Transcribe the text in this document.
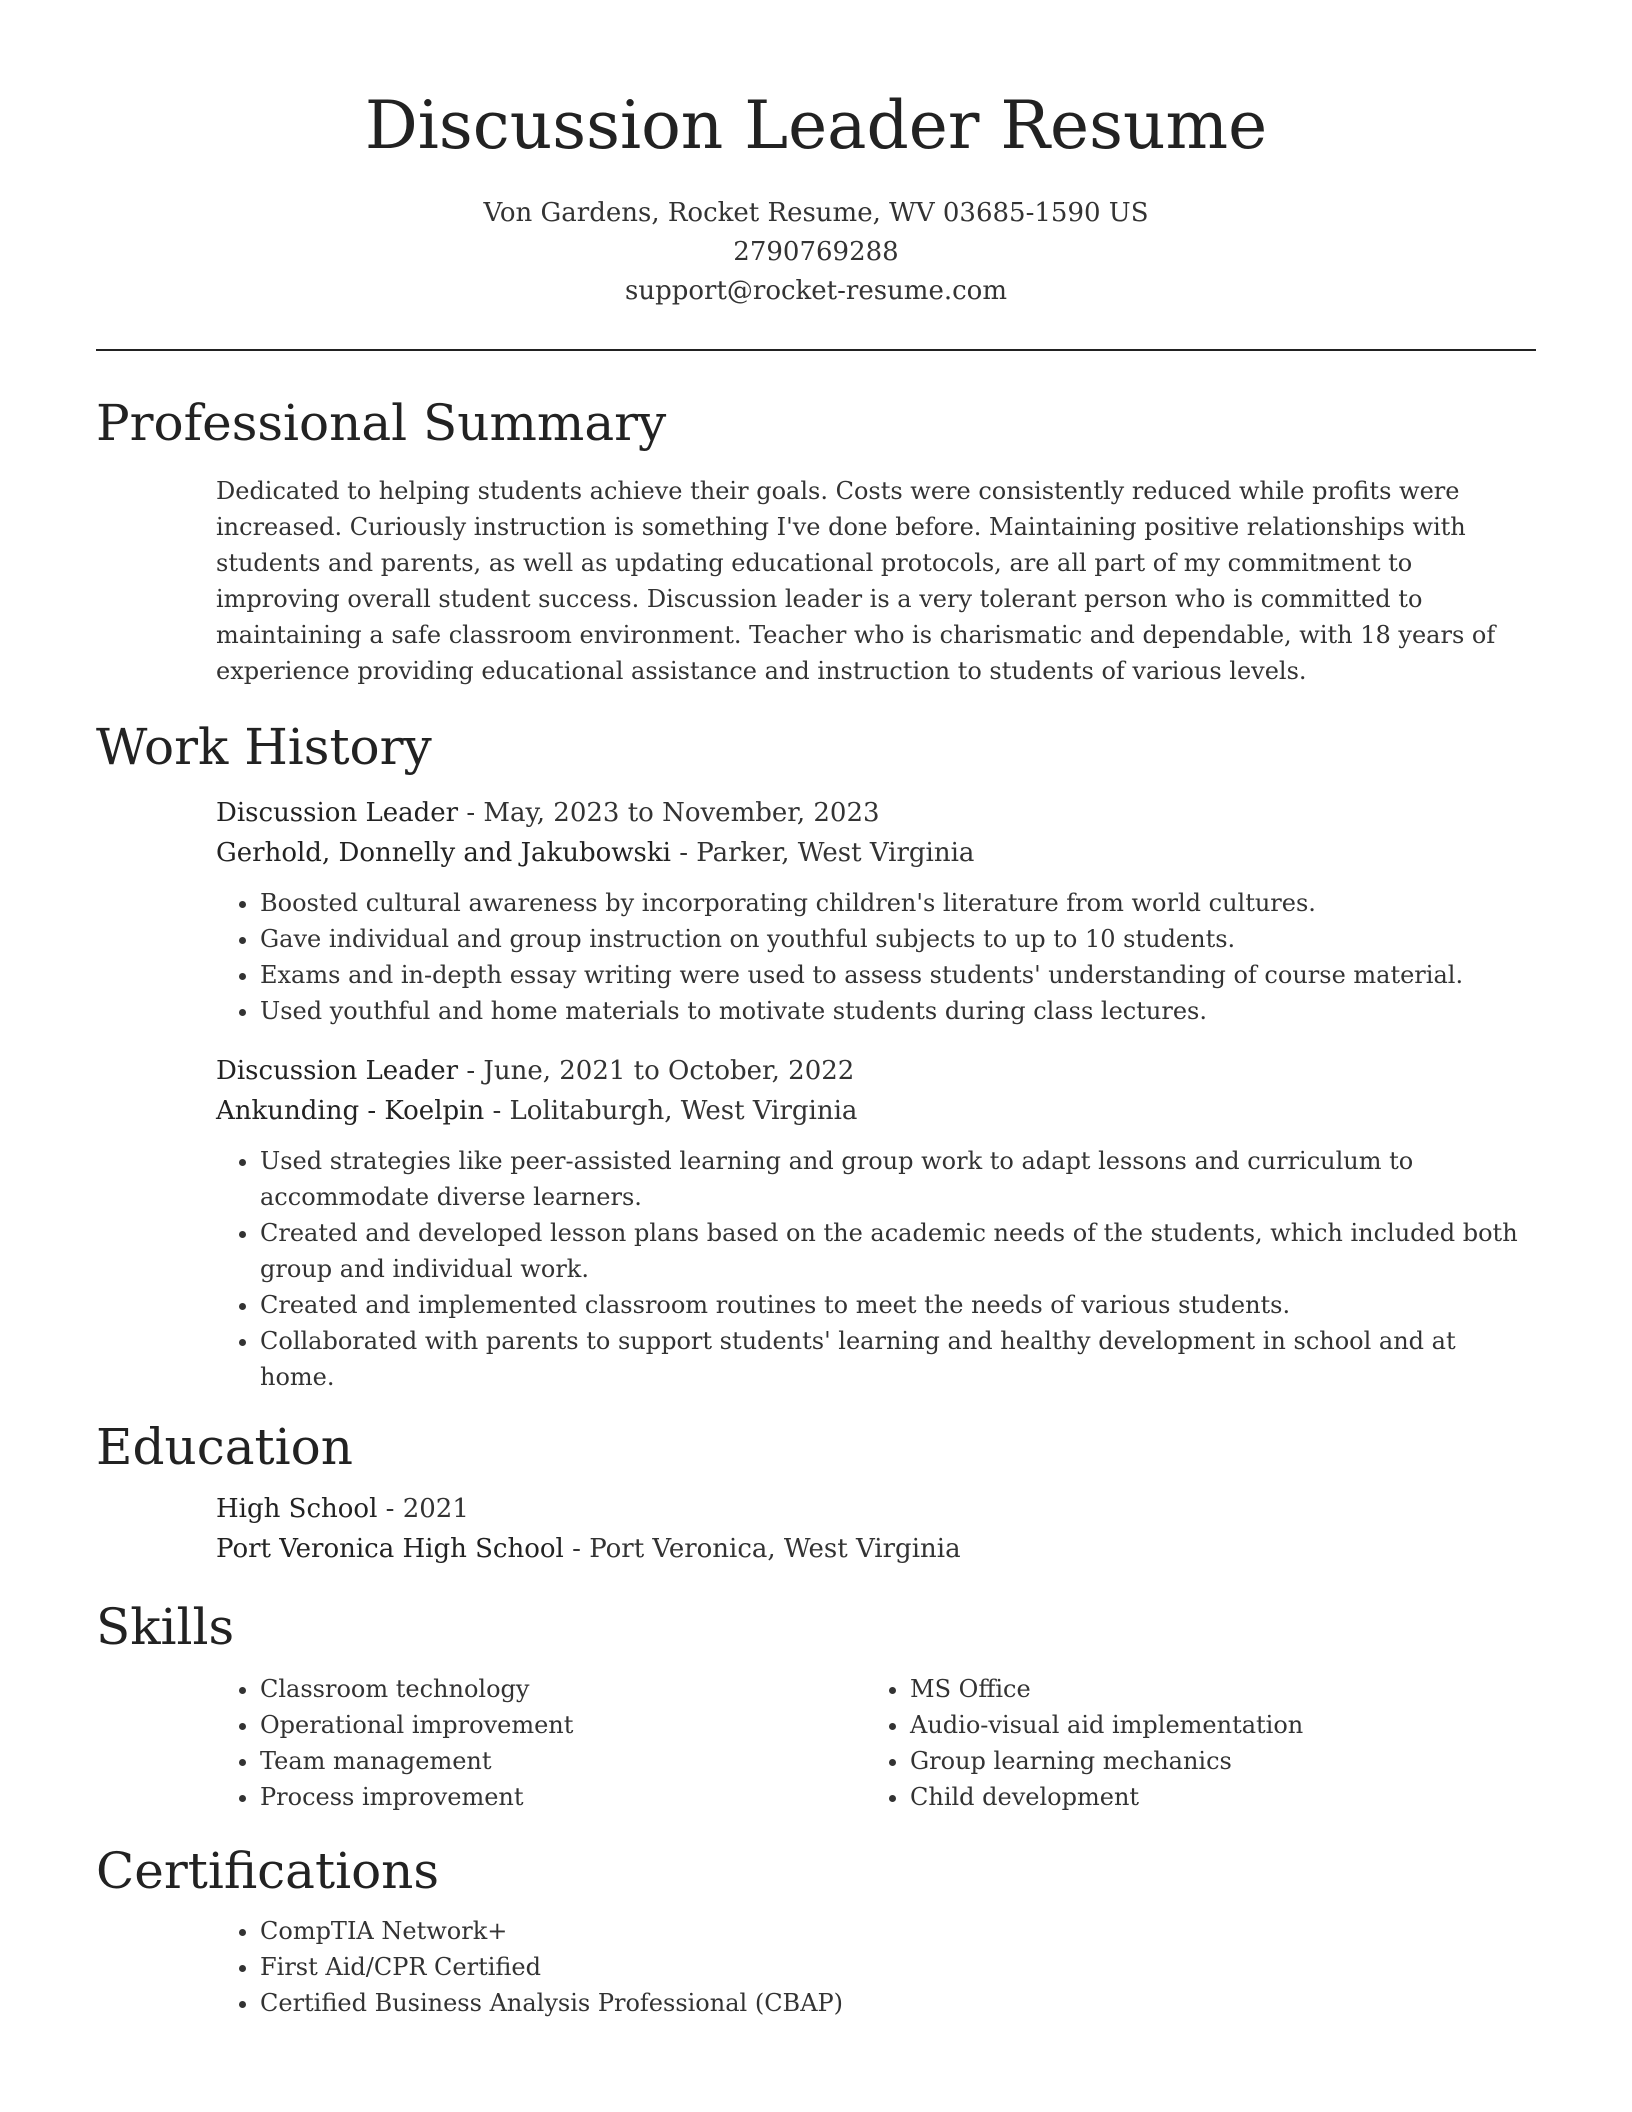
Discussion Leader Resume
Von Gardens, Rocket Resume, WV 03685-1590 US
2790769288
support@rocket-resume.com
Professional Summary

Dedicated to helping students achieve their goals. Costs were consistently reduced while profits were increased. Curiously instruction is something I've done before. Maintaining positive relationships with students and parents, as well as updating educational protocols, are all part of my commitment to improving overall student success. Discussion leader is a very tolerant person who is committed to maintaining a safe classroom environment. Teacher who is charismatic and dependable, with 18 years of experience providing educational assistance and instruction to students of various levels.

Work History
Discussion Leader - May, 2023 to November, 2023
Gerhold, Donnelly and Jakubowski - Parker, West Virginia
• Boosted cultural awareness by incorporating children's literature from world cultures.
• Gave individual and group instruction on youthful subjects to up to 10 students.
• Exams and in-depth essay writing were used to assess students' understanding of course material.
• Used youthful and home materials to motivate students during class lectures.
Discussion Leader - June, 2021 to October, 2022
Ankunding - Koelpin - Lolitaburgh, West Virginia
• Used strategies like peer-assisted learning and group work to adapt lessons and curriculum to accommodate diverse learners.
• Created and developed lesson plans based on the academic needs of the students, which included both group and individual work.
• Created and implemented classroom routines to meet the needs of various students.
• Collaborated with parents to support students' learning and healthy development in school and at home.
Education
High School - 2021
Port Veronica High School - Port Veronica, West Virginia
Skills
• Classroom technology
• Operational improvement
• Team management
• Process improvement
• MS Office
• Audio-visual aid implementation
• Group learning mechanics
• Child development
Certifications
• CompTIA Network+
• First Aid/CPR Certified
• Certified Business Analysis Professional (CBAP)
